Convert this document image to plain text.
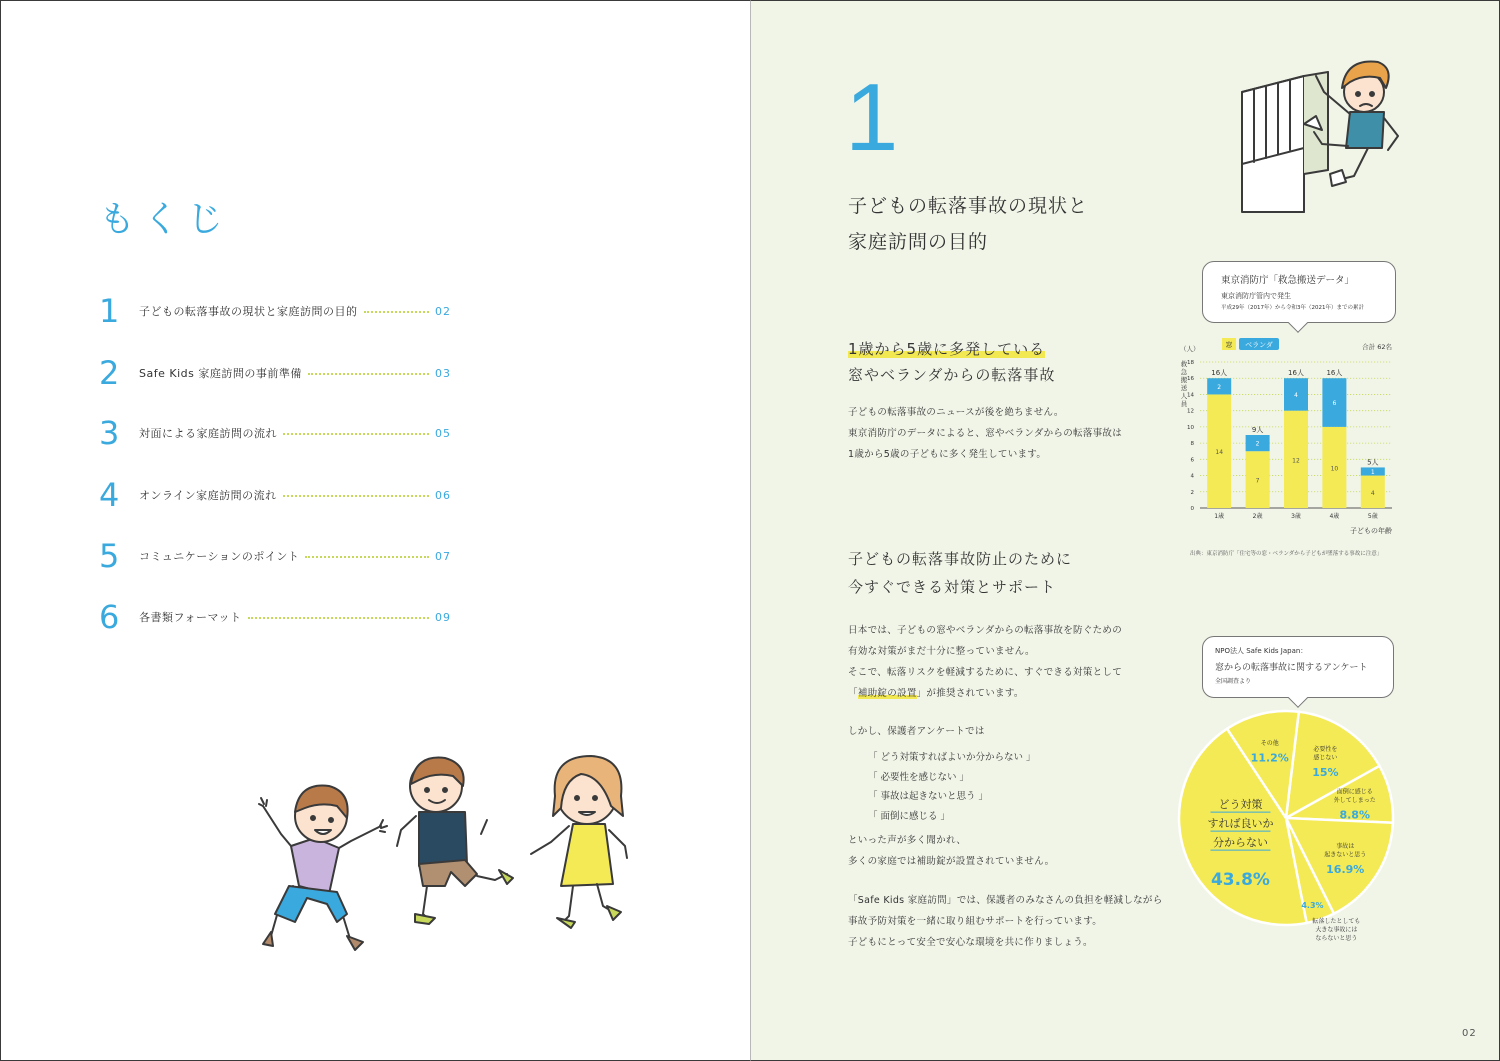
もくじ
1	子どもの転落事故の現状と家庭訪問の目的	02
2	Safe Kids 家庭訪問の事前準備	03
3	対面による家庭訪問の流れ	05
4	オンライン家庭訪問の流れ	06
5	コミュニケーションのポイント	07
6	各書類フォーマット	09
1
子どもの転落事故の現状と
家庭訪問の目的
1歳から5歳に多発している
窓やベランダからの転落事故
子どもの転落事故のニュースが後を絶ちません。
東京消防庁のデータによると、窓やベランダからの転落事故は
1歳から5歳の子どもに多く発生しています。
東京消防庁「救急搬送データ」
東京消防庁管内で発生
平成29年（2017年）から令和3年（2021年）までの累計
窓 ベランダ	合計 62名
（人）
救
急
搬
送
人
員
0
2
4
6
8
10
12
14
16
18
14
2
16人
1歳
7
2
9人
2歳
12
4
16人
3歳
10
6
16人
4歳
4
1
5人
5歳
子どもの年齢
出典：東京消防庁「住宅等の窓・ベランダから子どもが墜落する事故に注意」
子どもの転落事故防止のために
今すぐできる対策とサポート
日本では、子どもの窓やベランダからの転落事故を防ぐための
有効な対策がまだ十分に整っていません。
そこで、転落リスクを軽減するために、すぐできる対策として
「補助錠の設置」が推奨されています。
しかし、保護者アンケートでは
「 どう対策すればよいか分からない 」
「 必要性を感じない 」
「 事故は起きないと思う 」
「 面倒に感じる 」
といった声が多く聞かれ、
多くの家庭では補助錠が設置されていません。
「Safe Kids 家庭訪問」では、保護者のみなさんの負担を軽減しながら
事故予防対策を一緒に取り組むサポートを行っています。
子どもにとって安全で安心な環境を共に作りましょう。
NPO法人 Safe Kids Japan：
窓からの転落事故に関するアンケート
全国調査より
必要性を
感じない
15%
面倒に感じる
外してしまった
8.8%
事故は
起きないと思う
16.9%
4.3%
転落したとしても
大きな事故には
ならないと思う
どう対策
すれば良いか
分からない
43.8%
その他
11.2%
02
